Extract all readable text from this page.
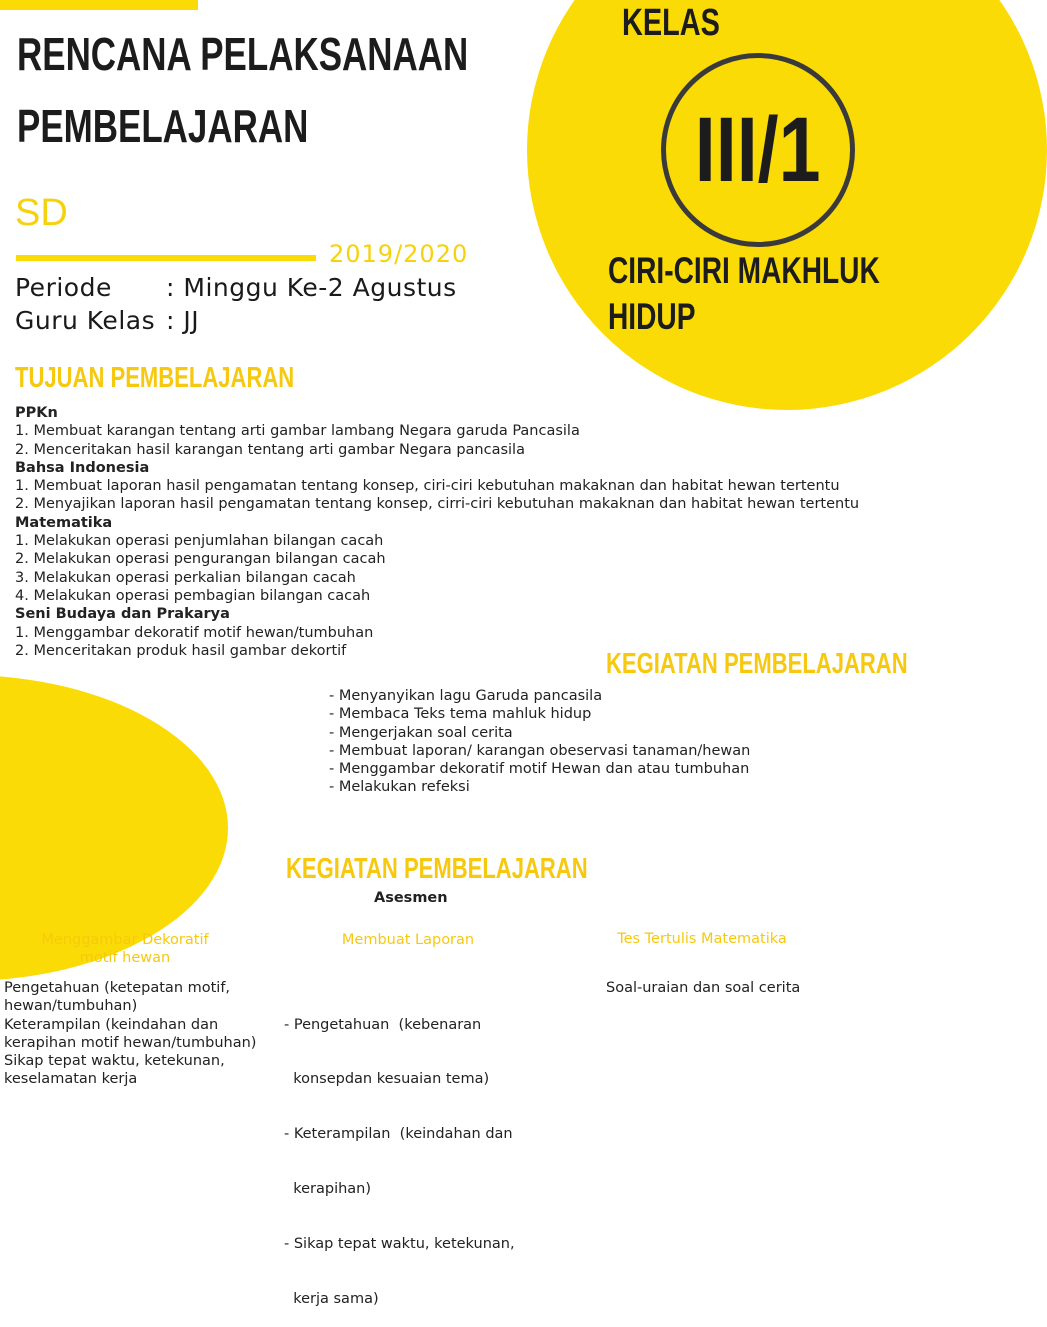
RENCANA PELAKSANAAN
PEMBELAJARAN
SD
2019/2020
Periode : Minggu Ke-2 Agustus
Guru Kelas : JJ
KELAS
III/1
CIRI-CIRI MAKHLUK
HIDUP
TUJUAN PEMBELAJARAN
PPKn
1. Membuat karangan tentang arti gambar lambang Negara garuda Pancasila
2. Menceritakan hasil karangan tentang arti gambar Negara pancasila
Bahsa Indonesia
1. Membuat laporan hasil pengamatan tentang konsep, ciri-ciri kebutuhan makaknan dan habitat hewan tertentu
2. Menyajikan laporan hasil pengamatan tentang konsep, cirri-ciri kebutuhan makaknan dan habitat hewan tertentu
Matematika
1. Melakukan operasi penjumlahan bilangan cacah
2. Melakukan operasi pengurangan bilangan cacah
3. Melakukan operasi perkalian bilangan cacah
4. Melakukan operasi pembagian bilangan cacah
Seni Budaya dan Prakarya
1. Menggambar dekoratif motif hewan/tumbuhan
2. Menceritakan produk hasil gambar dekortif	KEGIATAN PEMBELAJARAN
- Menyanyikan lagu Garuda pancasila
- Membaca Teks tema mahluk hidup
- Mengerjakan soal cerita
- Membuat laporan/ karangan obeservasi tanaman/hewan
- Menggambar dekoratif motif Hewan dan atau tumbuhan
- Melakukan refeksi
KEGIATAN PEMBELAJARAN
Asesmen
Menggambar Dekoratif
motif hewan
Pengetahuan (ketepatan motif,
hewan/tumbuhan)
Keterampilan (keindahan dan
kerapihan motif hewan/tumbuhan)
Sikap tepat waktu, ketekunan,
keselamatan kerja
Membuat Laporan

- Pengetahuan  (kebenaran

konsepdan kesuaian tema)

- Keterampilan  (keindahan dan

kerapihan)

- Sikap tepat waktu, ketekunan,

kerja sama)

Tes Tertulis Matematika
Soal-uraian dan soal cerita
